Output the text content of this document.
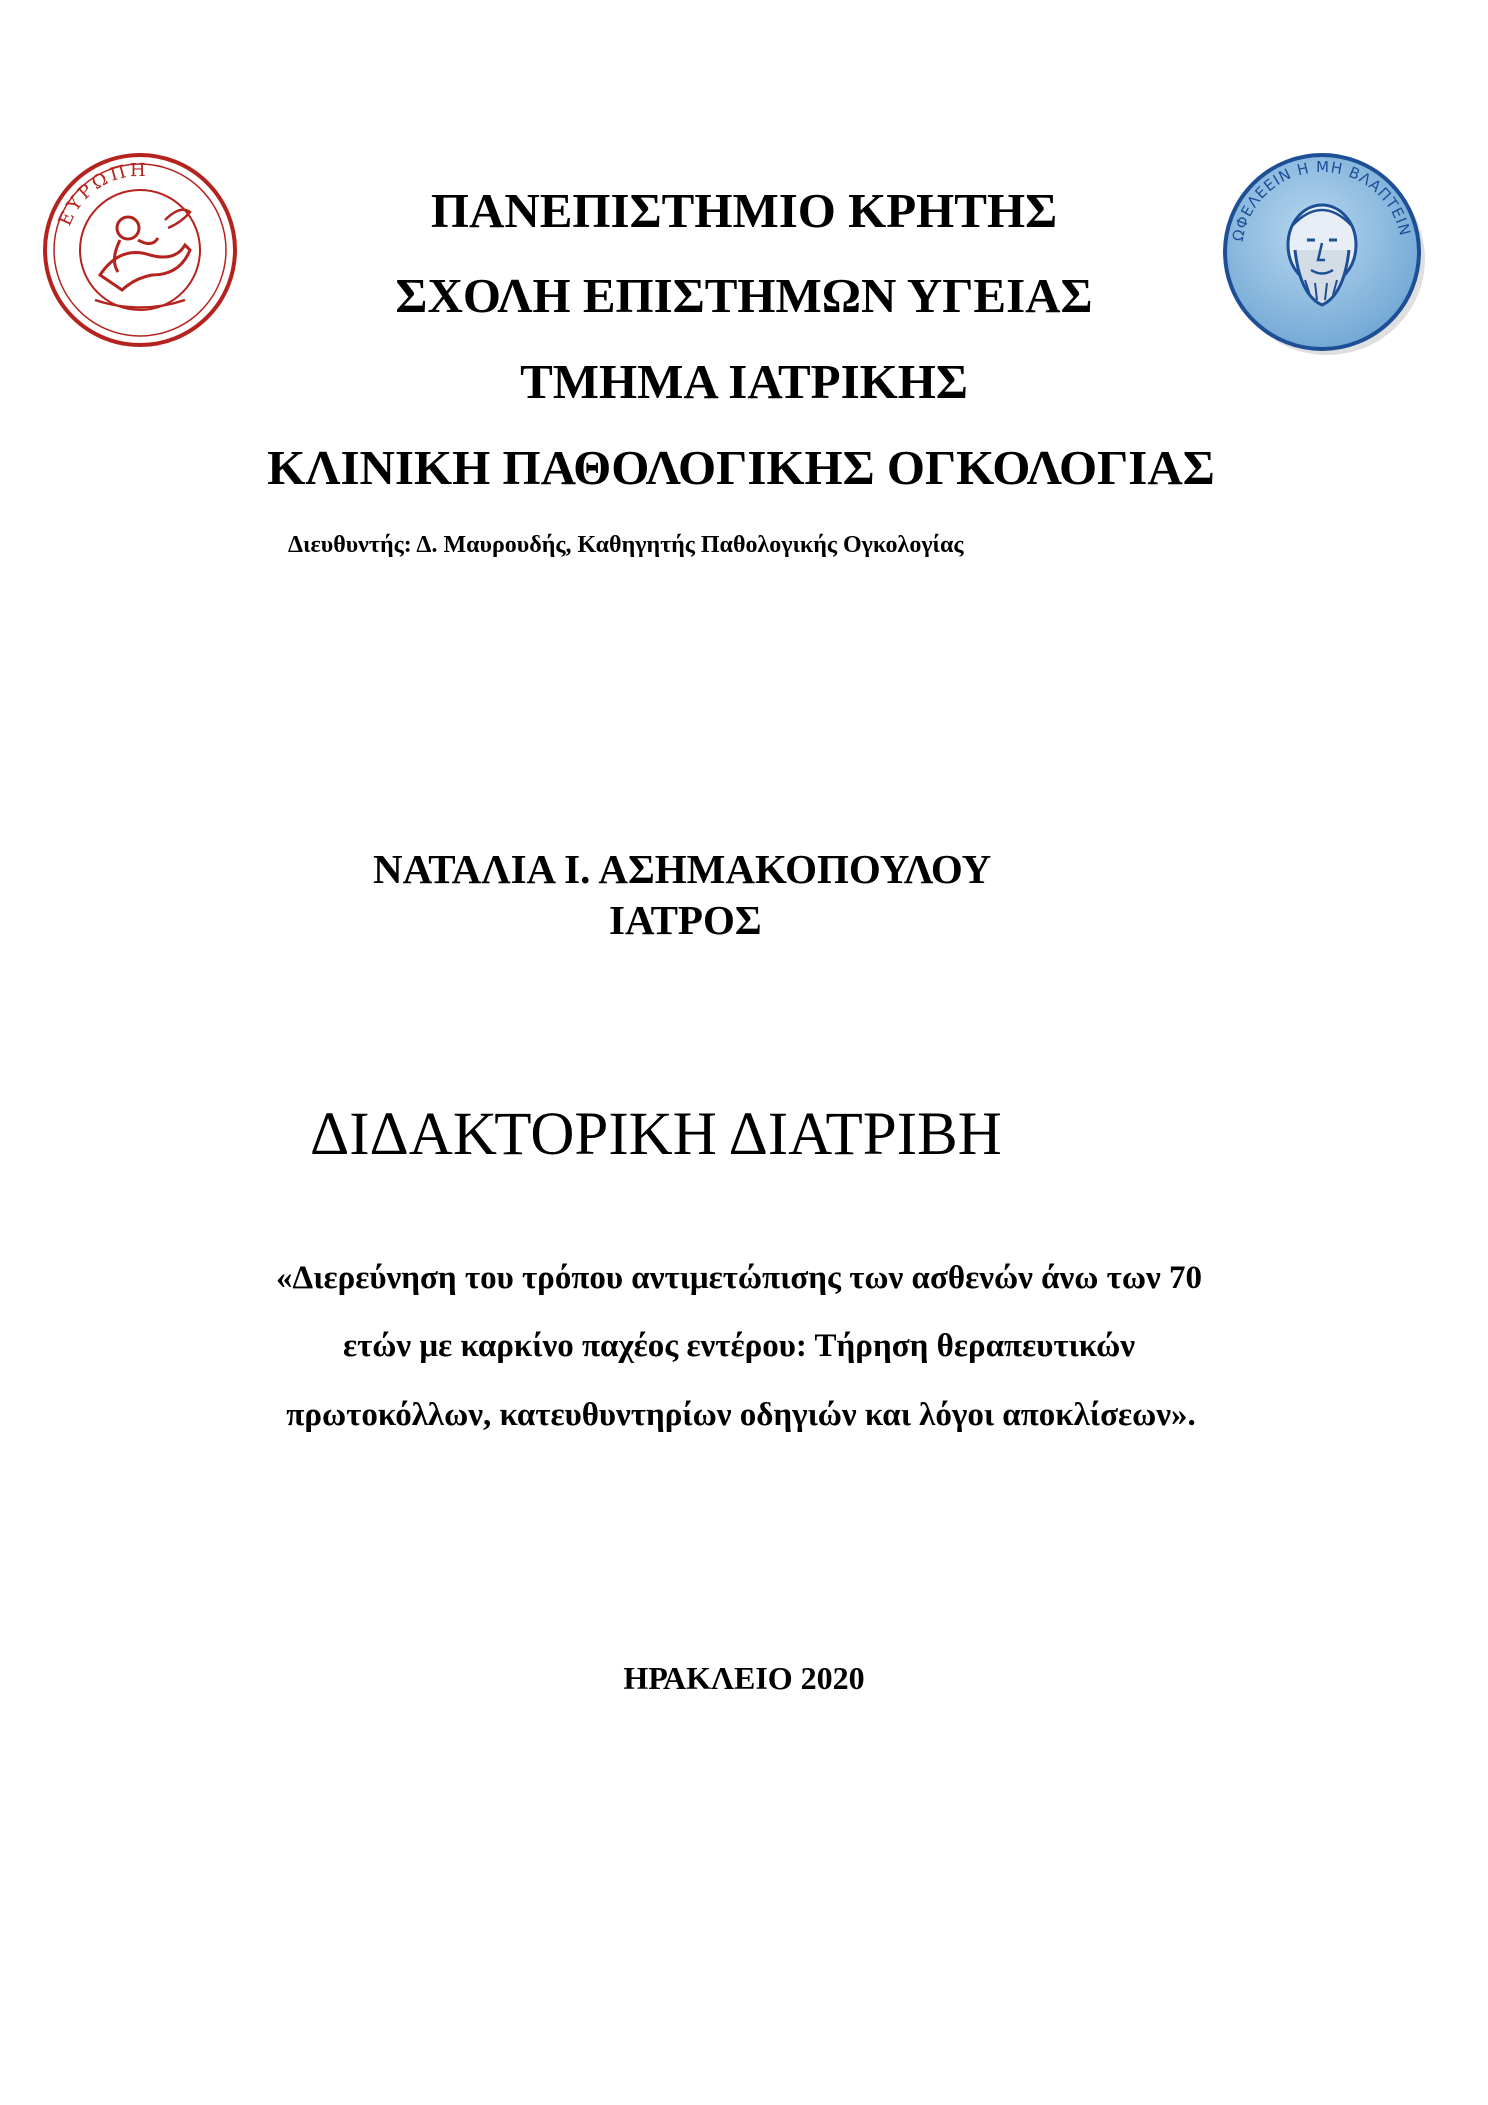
ΕΥΡΩΠΗ
ΩΦΕΛΕΕΙΝ Η ΜΗ ΒΛΑΠΤΕΙΝ
ΠΑΝΕΠΙΣΤΗΜΙΟ ΚΡΗΤΗΣ
ΣΧΟΛΗ ΕΠΙΣΤΗΜΩΝ ΥΓΕΙΑΣ
ΤΜΗΜΑ ΙΑΤΡΙΚΗΣ
ΚΛΙΝΙΚΗ ΠΑΘΟΛΟΓΙΚΗΣ ΟΓΚΟΛΟΓΙΑΣ
Διευθυντής: Δ. Μαυρουδής, Καθηγητής Παθολογικής Ογκολογίας
ΝΑΤΑΛΙΑ Ι. ΑΣΗΜΑΚΟΠΟΥΛΟΥ
ΙΑΤΡΟΣ
ΔΙΔΑΚΤΟΡΙΚΗ ΔΙΑΤΡΙΒΗ
«Διερεύνηση του τρόπου αντιμετώπισης των ασθενών άνω των 70
ετών με καρκίνο παχέος εντέρου: Τήρηση θεραπευτικών
πρωτοκόλλων, κατευθυντηρίων οδηγιών και λόγοι αποκλίσεων».
ΗΡΑΚΛΕΙΟ 2020
